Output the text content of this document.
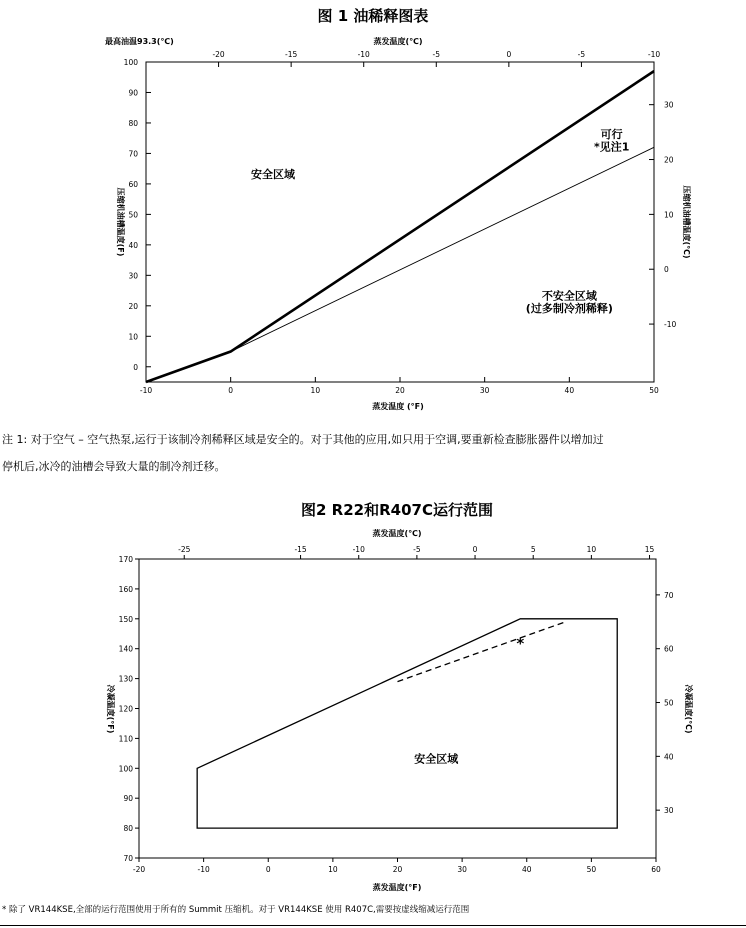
图 1 油稀释图表
最高油温93.3(℃)	蒸发温度(℃)
-10	0	10	20	30	40	50
-20	-15	-10	-5	0	-5	-10
0
10
20
30
40
50
60
70
80
90
100
30
20
10
0
-10
蒸发温度 (°F)
压缩机油槽温度(F)	压缩机油槽温度(℃)
安全区域
可行
*见注1
不安全区域
(过多制冷剂稀释)
图2 R22和R407C运行范围
蒸发温度(℃)
-20	-10	0	10	20	30	40	50	60
-25	-15	-10	-5	0	5	10	15
70
80
90
100
110
120
130
140
150
160
170
70
60
50
40
30
蒸发温度(°F)
冷凝温度(°F)	冷凝温度(℃)
安全区域
*
注 1: 对于空气 – 空气热泵,运行于该制冷剂稀释区域是安全的。对于其他的应用,如只用于空调,要重新检查膨胀器件以增加过
停机后,冰冷的油槽会导致大量的制冷剂迁移。
* 除了 VR144KSE,全部的运行范围使用于所有的 Summit 压缩机。对于 VR144KSE 使用 R407C,需要按虚线缩减运行范围
